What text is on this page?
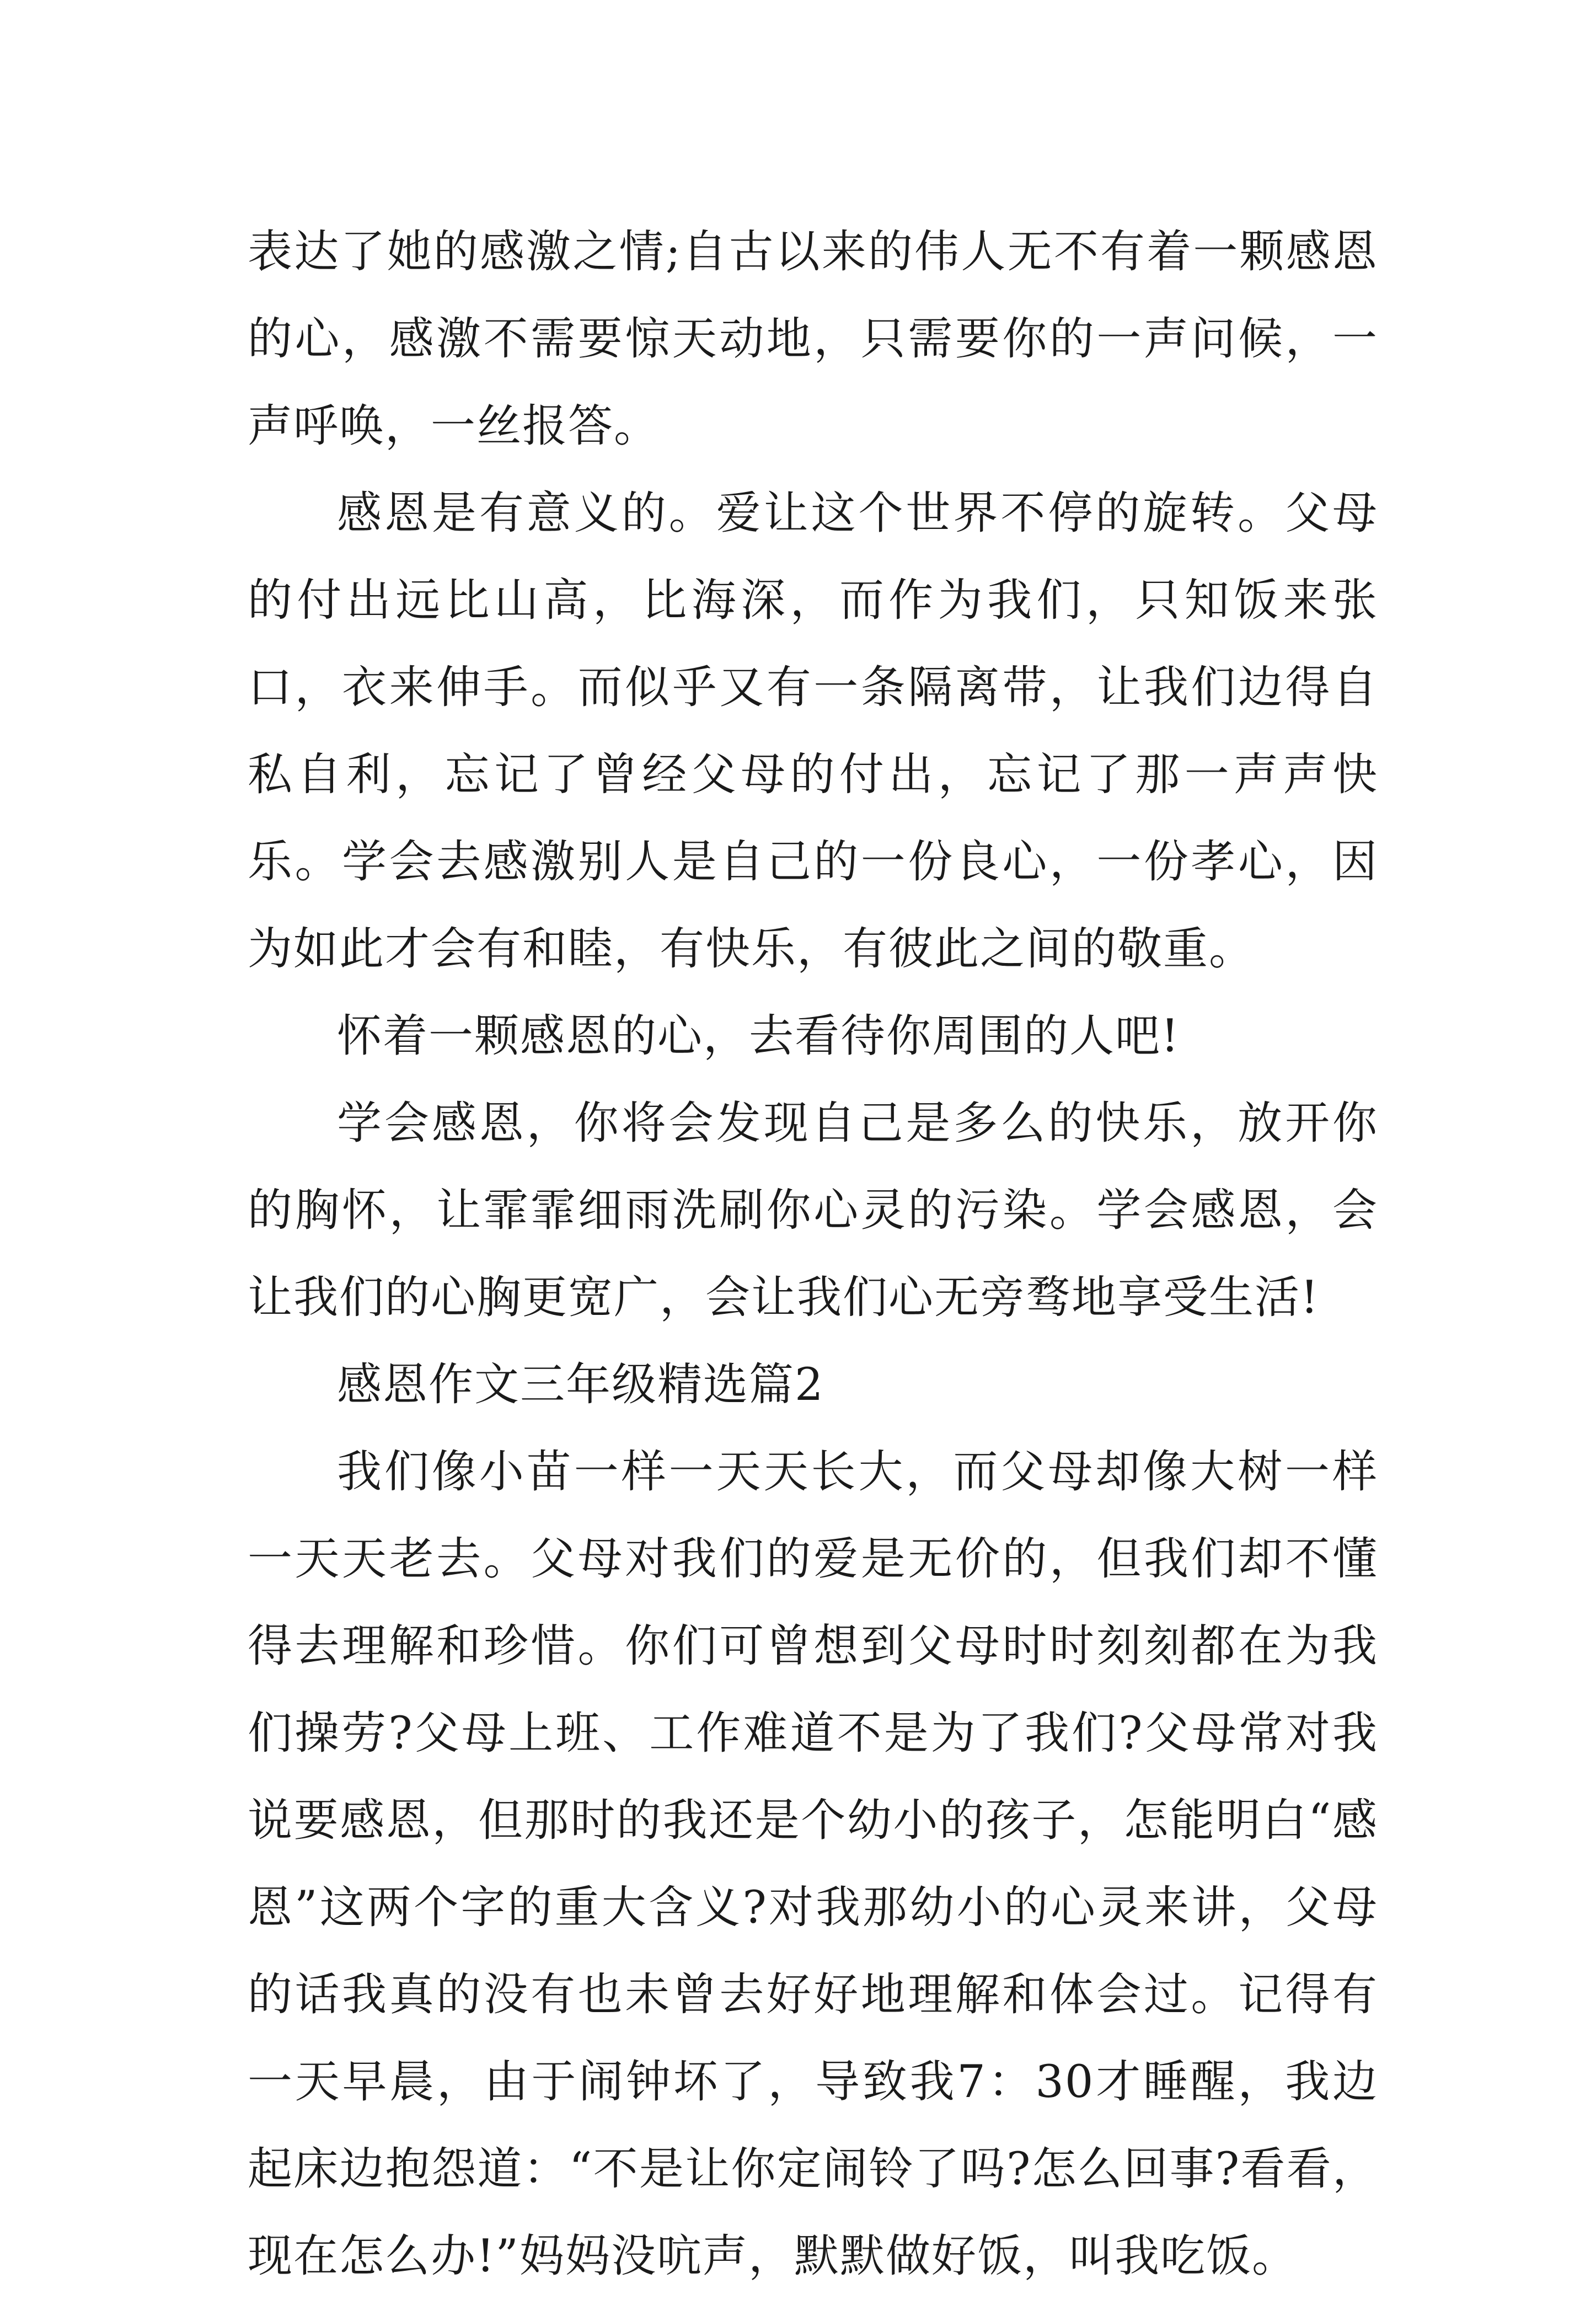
表达了她的感激之情;自古以来的伟人无不有着一颗感恩的心，感激不需要惊天动地，只需要你的一声问候，一声呼唤，一丝报答。

感恩是有意义的。爱让这个世界不停的旋转。父母的付出远比山高，比海深，而作为我们，只知饭来张口，衣来伸手。而似乎又有一条隔离带，让我们边得自私自利，忘记了曾经父母的付出，忘记了那一声声快乐。学会去感激别人是自己的一份良心，一份孝心，因为如此才会有和睦，有快乐，有彼此之间的敬重。

怀着一颗感恩的心，去看待你周围的人吧!

学会感恩，你将会发现自己是多么的快乐，放开你的胸怀，让霏霏细雨洗刷你心灵的污染。学会感恩，会让我们的心胸更宽广，会让我们心无旁骛地享受生活!

感恩作文三年级精选篇2

我们像小苗一样一天天长大，而父母却像大树一样一天天老去。父母对我们的爱是无价的，但我们却不懂得去理解和珍惜。你们可曾想到父母时时刻刻都在为我们操劳?父母上班、工作难道不是为了我们?父母常对我说要感恩，但那时的我还是个幼小的孩子，怎能明白“感恩”这两个字的重大含义?对我那幼小的心灵来讲，父母的话我真的没有也未曾去好好地理解和体会过。记得有一天早晨，由于闹钟坏了，导致我7：30才睡醒，我边起床边抱怨道：“不是让你定闹铃了吗?怎么回事?看看，现在怎么办!”妈妈没吭声，默默做好饭，叫我吃饭。
